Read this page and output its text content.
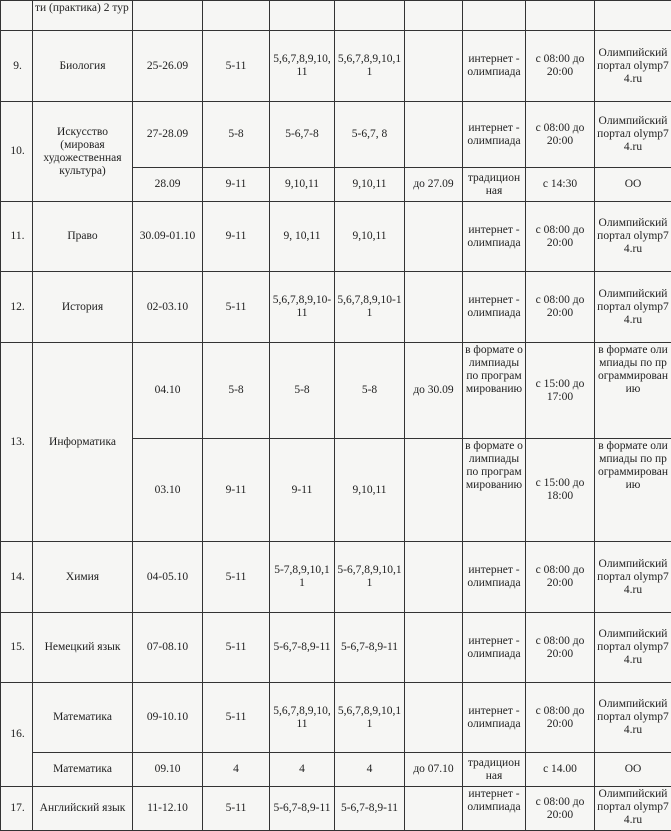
	ти (практика) 2 тур								
9.	Биология	25-26.09	5-11	5,6,7,8,9,10,11	5,6,7,8,9,10,11		интернет - олимпиада	с 08:00 до 20:00	Олимпийский портал olymp74.ru
10.	Искусство (мировая художественная культура)	27-28.09	5-8	5-6,7-8	5-6,7, 8		интернет - олимпиада	с 08:00 до 20:00	Олимпийский портал olymp74.ru
		28.09	9-11	9,10,11	9,10,11	до 27.09	традиционная	с 14:30	ОО
11.	Право	30.09-01.10	9-11	9, 10,11	9,10,11		интернет - олимпиада	с 08:00 до 20:00	Олимпийский портал olymp74.ru
12.	История	02-03.10	5-11	5,6,7,8,9,10-11	5,6,7,8,9,10-11		интернет - олимпиада	с 08:00 до 20:00	Олимпийский портал olymp74.ru
13.	Информатика	04.10	5-8	5-8	5-8	до 30.09	в формате олимпиады по программированию	с 15:00 до 17:00	в формате олимпиады по программированию
		03.10	9-11	9-11	9,10,11		в формате олимпиады по программированию	с 15:00 до 18:00	в формате олимпиады по программированию
14.	Химия	04-05.10	5-11	5-7,8,9,10,11	5-6,7,8,9,10,11		интернет - олимпиада	с 08:00 до 20:00	Олимпийский портал olymp74.ru
15.	Немецкий язык	07-08.10	5-11	5-6,7-8,9-11	5-6,7-8,9-11		интернет - олимпиада	с 08:00 до 20:00	Олимпийский портал olymp74.ru
16.	Математика	09-10.10	5-11	5,6,7,8,9,10,11	5,6,7,8,9,10,11		интернет - олимпиада	с 08:00 до 20:00	Олимпийский портал olymp74.ru
	Математика	09.10	4	4	4	до 07.10	традиционная	с 14.00	ОО
17.	Английский язык	11-12.10	5-11	5-6,7-8,9-11	5-6,7-8,9-11		интернет - олимпиада	с 08:00 до 20:00	Олимпийский портал olymp74.ru
